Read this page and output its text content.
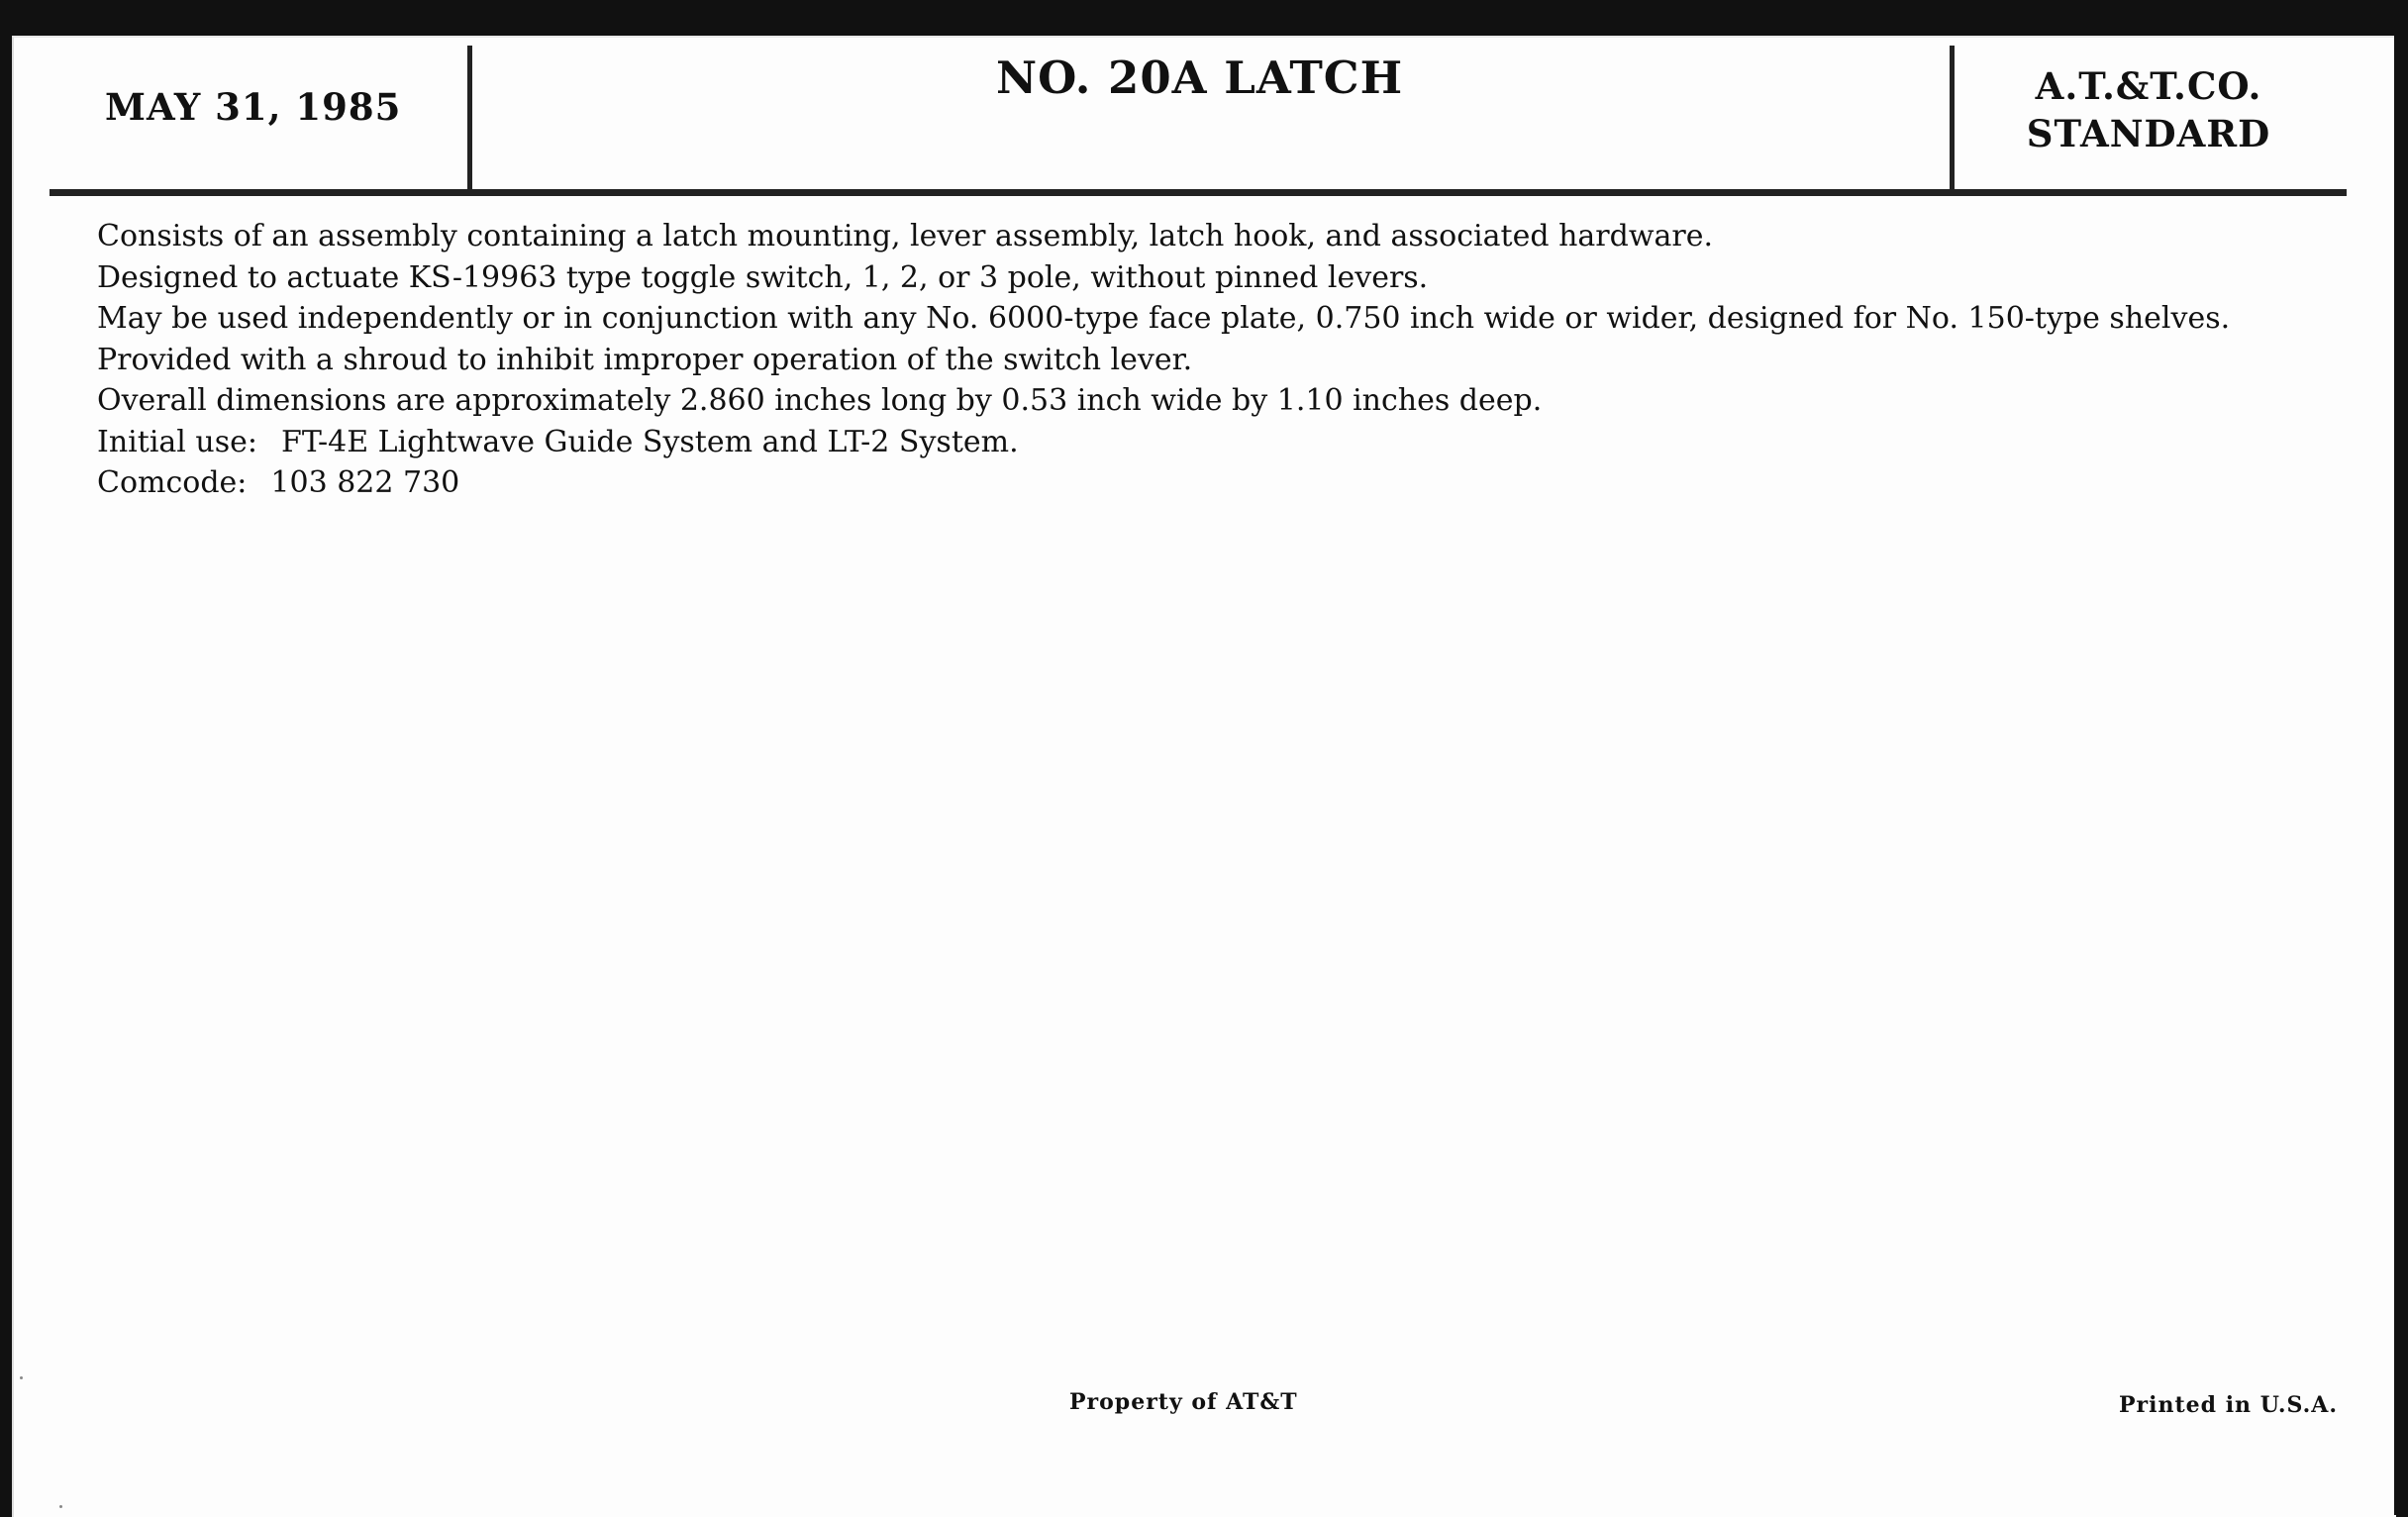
MAY 31, 1985
NO. 20A LATCH	A.T.&T.CO.
STANDARD
Consists of an assembly containing a latch mounting, lever assembly, latch hook, and associated hardware.
Designed to actuate KS-19963 type toggle switch, 1, 2, or 3 pole, without pinned levers.
May be used independently or in conjunction with any No. 6000-type face plate, 0.750 inch wide or wider, designed for No. 150-type shelves.
Provided with a shroud to inhibit improper operation of the switch lever.
Overall dimensions are approximately 2.860 inches long by 0.53 inch wide by 1.10 inches deep.
Initial use: FT-4E Lightwave Guide System and LT-2 System.
Comcode: 103 822 730
Property of AT&T	Printed in U.S.A.
